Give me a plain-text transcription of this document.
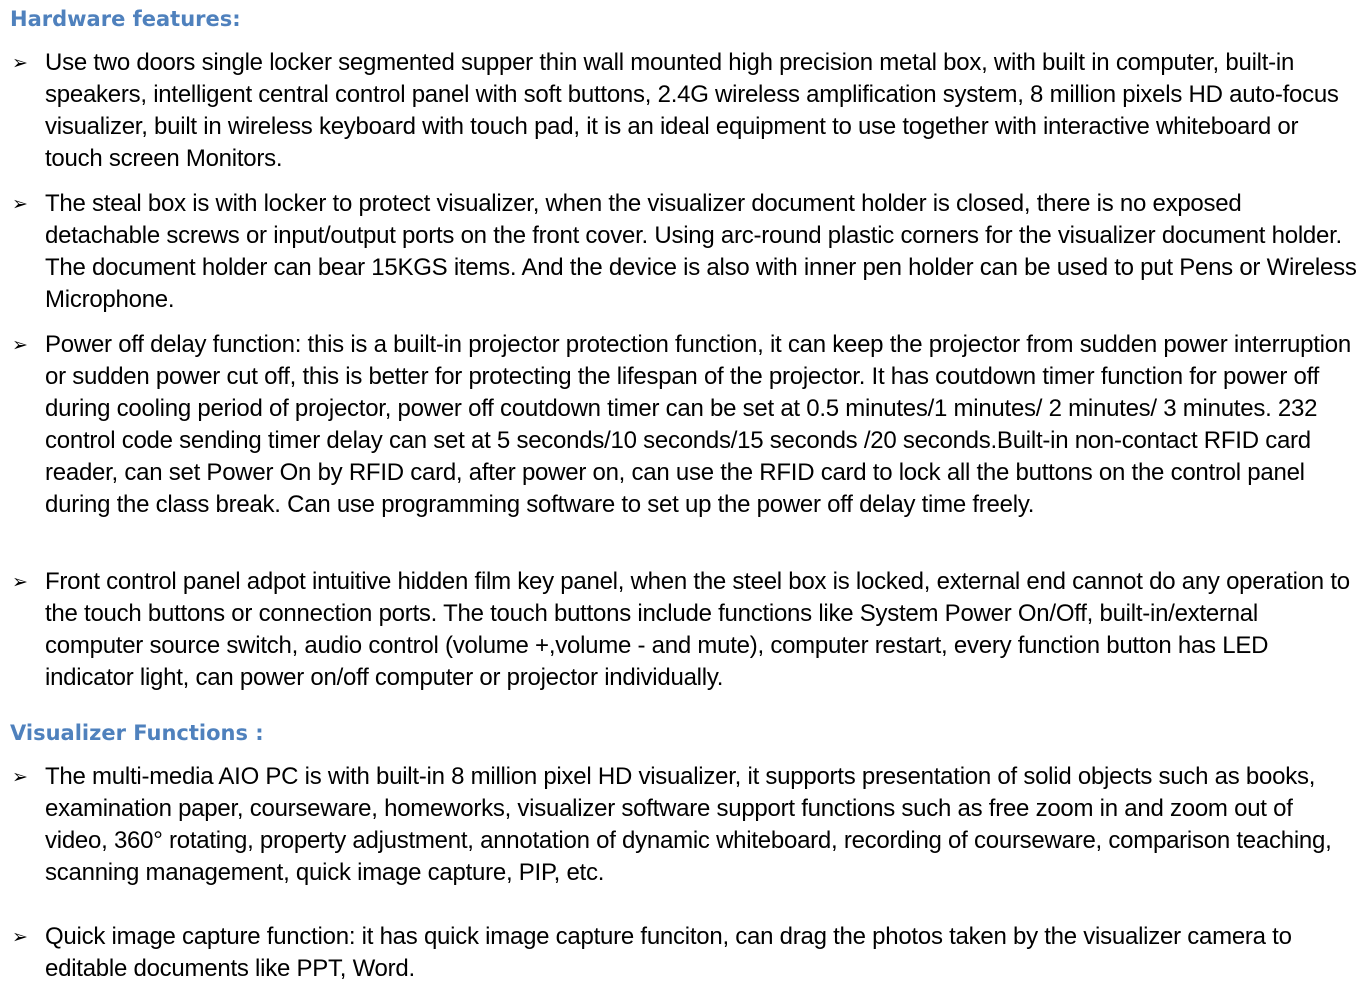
Hardware features:
➢ Use two doors single locker segmented supper thin wall mounted high precision metal box, with built in computer, built-in speakers, intelligent central control panel with soft buttons, 2.4G wireless amplification system, 8 million pixels HD auto-focus visualizer, built in wireless keyboard with touch pad, it is an ideal equipment to use together with interactive whiteboard or touch screen Monitors.

➢ The steal box is with locker to protect visualizer, when the visualizer document holder is closed, there is no exposed detachable screws or input/output ports on the front cover. Using arc-round plastic corners for the visualizer document holder. The document holder can bear 15KGS items. And the device is also with inner pen holder can be used to put Pens or Wireless Microphone.

➢ Power off delay function: this is a built-in projector protection function, it can keep the projector from sudden power interruption or sudden power cut off, this is better for protecting the lifespan of the projector. It has coutdown timer function for power off during cooling period of projector, power off coutdown timer can be set at 0.5 minutes/1 minutes/ 2 minutes/ 3 minutes. 232 control code sending timer delay can set at 5 seconds/10 seconds/15 seconds /20 seconds.Built-in non-contact RFID card reader, can set Power On by RFID card, after power on, can use the RFID card to lock all the buttons on the control panel during the class break. Can use programming software to set up the power off delay time freely.

➢ Front control panel adpot intuitive hidden film key panel, when the steel box is locked, external end cannot do any operation to the touch buttons or connection ports. The touch buttons include functions like System Power On/Off, built-in/external computer source switch, audio control (volume +,volume - and mute), computer restart, every function button has LED indicator light, can power on/off computer or projector individually.

Visualizer Functions :
➢ The multi-media AIO PC is with built-in 8 million pixel HD visualizer, it supports presentation of solid objects such as books, examination paper, courseware, homeworks, visualizer software support functions such as free zoom in and zoom out of video, 360° rotating, property adjustment, annotation of dynamic whiteboard, recording of courseware, comparison teaching, scanning management, quick image capture, PIP, etc.

➢ Quick image capture function: it has quick image capture funciton, can drag the photos taken by the visualizer camera to editable documents like PPT, Word.
